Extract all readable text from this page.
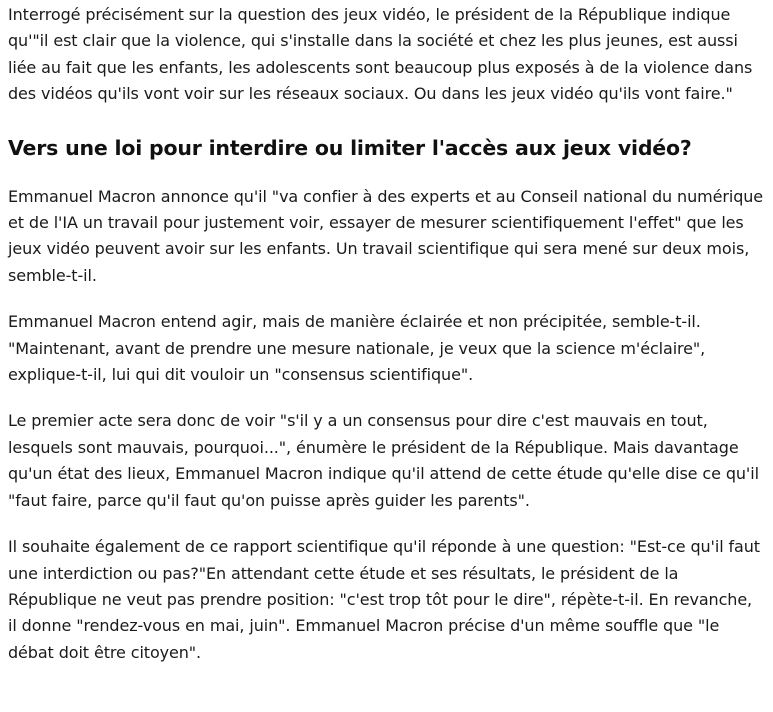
Interrogé précisément sur la question des jeux vidéo, le président de la République indique qu'"il est clair que la violence, qui s'installe dans la société et chez les plus jeunes, est aussi liée au fait que les enfants, les adolescents sont beaucoup plus exposés à de la violence dans des vidéos qu'ils vont voir sur les réseaux sociaux. Ou dans les jeux vidéo qu'ils vont faire."

Vers une loi pour interdire ou limiter l'accès aux jeux vidéo?

Emmanuel Macron annonce qu'il "va confier à des experts et au Conseil national du numérique et de l'IA un travail pour justement voir, essayer de mesurer scientifiquement l'effet" que les jeux vidéo peuvent avoir sur les enfants. Un travail scientifique qui sera mené sur deux mois, semble-t-il.

Emmanuel Macron entend agir, mais de manière éclairée et non précipitée, semble-t-il. "Maintenant, avant de prendre une mesure nationale, je veux que la science m'éclaire", explique-t-il, lui qui dit vouloir un "consensus scientifique".

Le premier acte sera donc de voir "s'il y a un consensus pour dire c'est mauvais en tout, lesquels sont mauvais, pourquoi...", énumère le président de la République. Mais davantage qu'un état des lieux, Emmanuel Macron indique qu'il attend de cette étude qu'elle dise ce qu'il "faut faire, parce qu'il faut qu'on puisse après guider les parents".

Il souhaite également de ce rapport scientifique qu'il réponde à une question: "Est-ce qu'il faut une interdiction ou pas?"En attendant cette étude et ses résultats, le président de la République ne veut pas prendre position: "c'est trop tôt pour le dire", répète-t-il. En revanche, il donne "rendez-vous en mai, juin". Emmanuel Macron précise d'un même souffle que "le débat doit être citoyen".
